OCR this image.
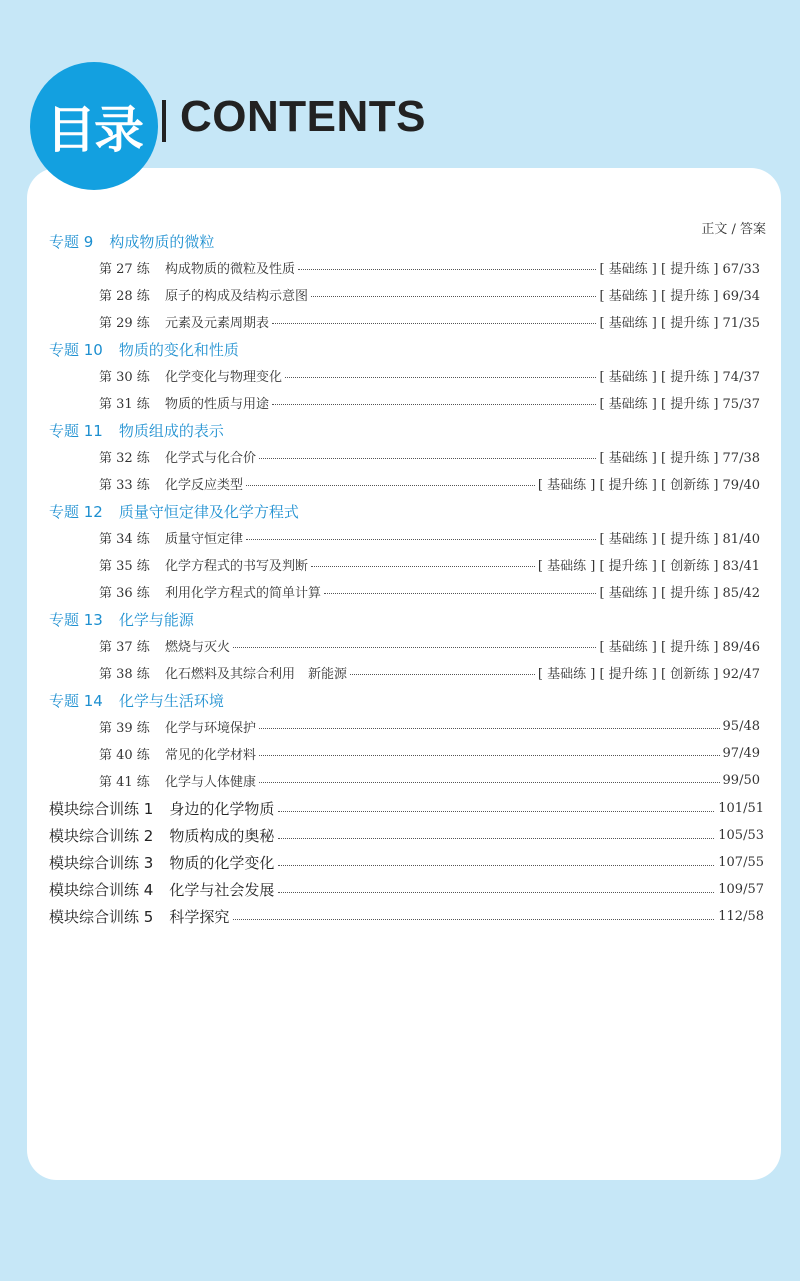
目录 CONTENTS
正文 / 答案
专题 9 构成物质的微粒
第 27 练	构成物质的微粒及性质	[ 基础练 ] [ 提升练 ] 67/33
第 28 练	原子的构成及结构示意图	[ 基础练 ] [ 提升练 ] 69/34
第 29 练	元素及元素周期表	[ 基础练 ] [ 提升练 ] 71/35
专题 10 物质的变化和性质
第 30 练	化学变化与物理变化	[ 基础练 ] [ 提升练 ] 74/37
第 31 练	物质的性质与用途	[ 基础练 ] [ 提升练 ] 75/37
专题 11 物质组成的表示
第 32 练	化学式与化合价	[ 基础练 ] [ 提升练 ] 77/38
第 33 练	化学反应类型	[ 基础练 ] [ 提升练 ] [ 创新练 ] 79/40
专题 12 质量守恒定律及化学方程式
第 34 练	质量守恒定律	[ 基础练 ] [ 提升练 ] 81/40
第 35 练	化学方程式的书写及判断	[ 基础练 ] [ 提升练 ] [ 创新练 ] 83/41
第 36 练	利用化学方程式的简单计算	[ 基础练 ] [ 提升练 ] 85/42
专题 13 化学与能源
第 37 练	燃烧与灭火	[ 基础练 ] [ 提升练 ] 89/46
第 38 练	化石燃料及其综合利用　新能源	[ 基础练 ] [ 提升练 ] [ 创新练 ] 92/47
专题 14 化学与生活环境
第 39 练	化学与环境保护	95/48
第 40 练	常见的化学材料	97/49
第 41 练	化学与人体健康	99/50
模块综合训练 1 身边的化学物质	101/51
模块综合训练 2 物质构成的奥秘	105/53
模块综合训练 3 物质的化学变化	107/55
模块综合训练 4 化学与社会发展	109/57
模块综合训练 5 科学探究	112/58
